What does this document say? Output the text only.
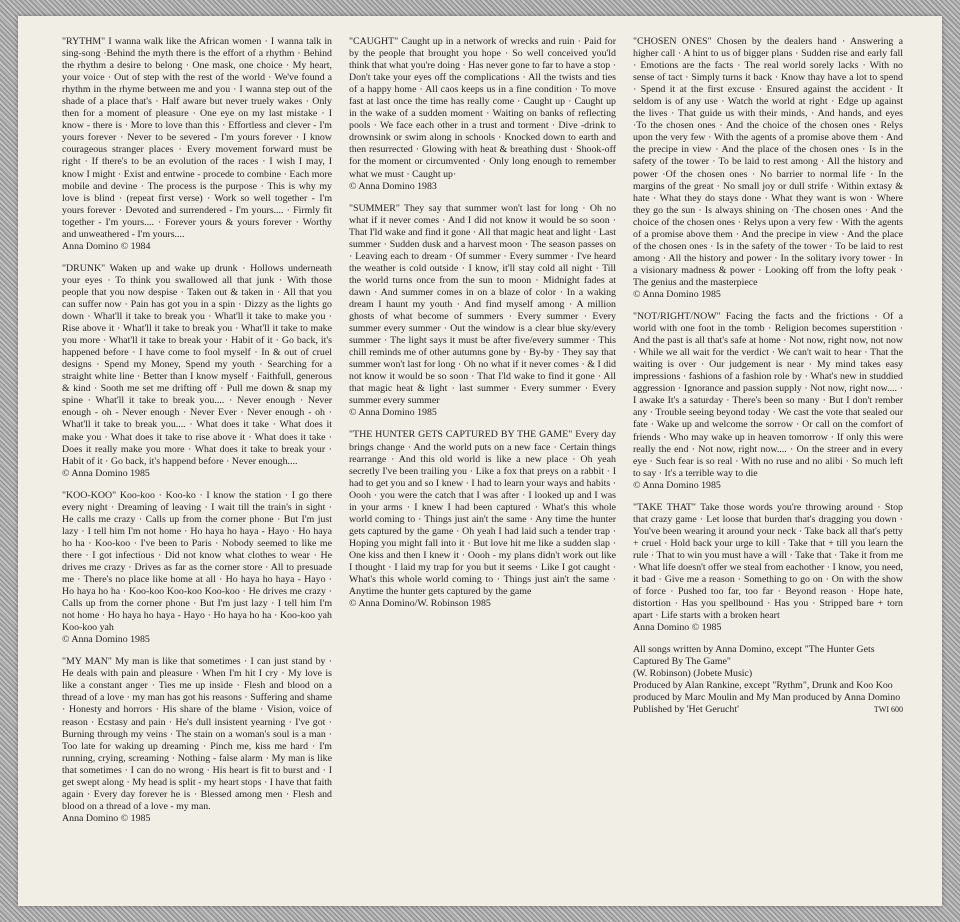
"RYTHM" I wanna walk like the African women · I wanna talk in sing-song ·Behind the myth there is the effort of a rhythm · Behind the rhythm a desire to belong · One mask, one choice · My heart, your voice · Out of step with the rest of the world · We've found a rhythm in the rhyme between me and you · I wanna step out of the shade of a place that's · Half aware but never truely wakes · Only then for a moment of pleasure · One eye on my last mistake · I know - there is · More to love than this · Effortless and clever - I'm yours forever · Never to be severed - I'm yours forever · I know courageous stranger places · Every movement forward must be right · If there's to be an evolution of the races · I wish I may, I know I might · Exist and entwine - procede to combine · Each more mobile and devine · The process is the purpose · This is why my love is blind · (repeat first verse) · Work so well together - I'm yours forever · Devoted and surrendered - I'm yours.... · Firmly fit together - I'm yours.... · Forever yours & yours forever · Worthy and unweathered - I'm yours....

Anna Domino © 1984

"DRUNK" Waken up and wake up drunk · Hollows underneath your eyes · To think you swallowed all that junk · With those people that you now despise · Taken out & taken in · All that you can suffer now · Pain has got you in a spin · Dizzy as the lights go down · What'll it take to break you · What'll it take to make you · Rise above it · What'll it take to break you · What'll it take to make you more · What'll it take to break your · Habit of it · Go back, it's happened before · I have come to fool myself · In & out of cruel designs · Spend my Money, Spend my youth · Searching for a straight white line · Better than I know myself · Faithfull, generous & kind · Sooth me set me drifting off · Pull me down & snap my spine · What'll it take to break you.... · Never enough · Never enough - oh - Never enough · Never Ever · Never enough - oh · What'll it take to break you.... · What does it take · What does it make you · What does it take to rise above it · What does it take · Does it really make you more · What does it take to break your · Habit of it · Go back, it's happend before · Never enough....

© Anna Domino 1985

"KOO-KOO" Koo-koo · Koo-ko · I know the station · I go there every night · Dreaming of leaving · I wait till the train's in sight · He calls me crazy · Calls up from the corner phone · But I'm just lazy · I tell him I'm not home · Ho haya ho haya - Hayo · Ho haya ho ha · Koo-koo · I've been to Paris · Nobody seemed to like me there · I got infectious · Did not know what clothes to wear · He drives me crazy · Drives as far as the corner store · All to presuade me · There's no place like home at all · Ho haya ho haya - Hayo · Ho haya ho ha · Koo-koo Koo-koo Koo-koo · He drives me crazy · Calls up from the corner phone · But I'm just lazy · I tell him I'm not home · Ho haya ho haya - Hayo · Ho haya ho ha · Koo-koo yah Koo-koo yah

© Anna Domino 1985

"MY MAN" My man is like that sometimes · I can just stand by · He deals with pain and pleasure · When I'm hit I cry · My love is like a constant anger · Ties me up inside · Flesh and blood on a thread of a love · my man has got his reasons · Suffering and shame · Honesty and horrors · His share of the blame · Vision, voice of reason · Ecstasy and pain · He's dull insistent yearning · I've got · Burning through my veins · The stain on a woman's soul is a man · Too late for waking up dreaming · Pinch me, kiss me hard · I'm running, crying, screaming · Nothing - false alarm · My man is like that sometimes · I can do no wrong · His heart is fit to burst and · I get swept along · My head is split - my heart stops · I have that faith again · Every day forever he is · Blessed among men · Flesh and blood on a thread of a love - my man.

Anna Domino © 1985

"CAUGHT" Caught up in a network of wrecks and ruin · Paid for by the people that brought you hope · So well conceived you'ld think that what you're doing · Has never gone to far to have a stop · Don't take your eyes off the complications · All the twists and ties of a happy home · All caos keeps us in a fine condition · To move fast at last once the time has really come · Caught up · Caught up in the wake of a sudden moment · Waiting on banks of reflecting pools · We face each other in a trust and torment · Dive -drink to drownsink or swim along in schools · Knocked down to earth and then resurrected · Glowing with heat & breathing dust · Shook-off for the moment or circumvented · Only long enough to remember what we must · Caught up·

© Anna Domino 1983

"SUMMER" They say that summer won't last for long · Oh no what if it never comes · And I did not know it would be so soon · That I'ld wake and find it gone · All that magic heat and light · Last summer · Sudden dusk and a harvest moon · The season passes on · Leaving each to dream · Of summer · Every summer · I've heard the weather is cold outside · I know, it'll stay cold all night · Till the world turns once from the sun to moon · Midnight fades at dawn · And summer comes in on a blaze of color · In a waking dream I haunt my youth · And find myself among · A million ghosts of what become of summers · Every summer · Every summer every summer · Out the window is a clear blue sky/every summer · The light says it must be after five/every summer · This chill reminds me of other autumns gone by · By-by · They say that summer won't last for long · Oh no what if it never comes · & I did not know it would be so soon · That I'ld wake to find it gone · All that magic heat & light · last summer · Every summer · Every summer every summer

© Anna Domino 1985

"THE HUNTER GETS CAPTURED BY THE GAME" Every day brings change · And the world puts on a new face · Certain things rearrange · And this old world is like a new place · Oh yeah secretly I've been trailing you · Like a fox that preys on a rabbit · I had to get you and so I knew · I had to learn your ways and habits · Oooh · you were the catch that I was after · I looked up and I was in your arms · I knew I had been captured · What's this whole world coming to · Things just ain't the same · Any time the hunter gets captured by the game · Oh yeah I had laid such a tender trap · Hoping you might fall into it · But love hit me like a sudden slap · One kiss and then I knew it · Oooh - my plans didn't work out like I thought · I laid my trap for you but it seems · Like I got caught · What's this whole world coming to · Things just ain't the same · Anytime the hunter gets captured by the game

© Anna Domino/W. Robinson 1985

"CHOSEN ONES" Chosen by the dealers hand · Answering a higher call · A hint to us of bigger plans · Sudden rise and early fall · Emotions are the facts · The real world sorely lacks · With no sense of tact · Simply turns it back · Know thay have a lot to spend · Spend it at the first excuse · Ensured against the accident · It seldom is of any use · Watch the world at right · Edge up against the lives · That guide us with their minds, · And hands, and eyes ·To the chosen ones · And the choice of the chosen ones · Relys upon the very few · With the agents of a promise above them · And the precipe in view · And the place of the chosen ones · Is in the safety of the tower · To be laid to rest among · All the history and power ·Of the chosen ones · No barrier to normal life · In the margins of the great · No small joy or dull strife · Within extasy & hate · What they do stays done · What they want is won · Where they go the sun · Is always shining on ·The chosen ones · And the choice of the chosen ones · Relys upon a very few · With the agents of a promise above them · And the precipe in view · And the place of the chosen ones · Is in the safety of the tower · To be laid to rest among · All the history and power · In the solitary ivory tower · In a visionary madness & power · Looking off from the lofty peak · The genius and the masterpiece

© Anna Domino 1985

"NOT/RIGHT/NOW" Facing the facts and the frictions · Of a world with one foot in the tomb · Religion becomes superstition · And the past is all that's safe at home · Not now, right now, not now · While we all wait for the verdict · We can't wait to hear · That the waiting is over · Our judgement is near · My mind takes easy impressions · fashions of a fashion role by · What's new in studdied aggression · Ignorance and passion supply · Not now, right now.... · I awake It's a saturday · There's been so many · But I don't rember any · Trouble seeing beyond today · We cast the vote that sealed our fate · Wake up and welcome the sorrow · Or call on the comfort of friends · Who may wake up in heaven tomorrow · If only this were really the end · Not now, right now.... · On the streer and in every eye · Such fear is so real · With no ruse and no alibi · So much left to say · It's a terrible way to die

© Anna Domino 1985

"TAKE THAT" Take those words you're throwing around · Stop that crazy game · Let loose that burden that's dragging you down · You've been wearing it around your neck · Take back all that's petty + cruel · Hold back your urge to kill · Take that + till you learn the rule · That to win you must have a will · Take that · Take it from me · What life doesn't offer we steal from eachother · I know, you need, it bad · Give me a reason · Something to go on · On with the show of force · Pushed too far, too far · Beyond reason · Hope hate, distortion · Has you spellbound · Has you · Stripped bare + torn apart · Life starts with a broken heart

Anna Domino © 1985

All songs written by Anna Domino, except "The Hunter Gets Captured By The Game"

(W. Robinson) (Jobete Music)

Produced by Alan Rankine, except "Rythm", Drunk and Koo Koo produced by Marc Moulin and My Man produced by Anna Domino

Published by 'Het Gerucht'	TWI 600
